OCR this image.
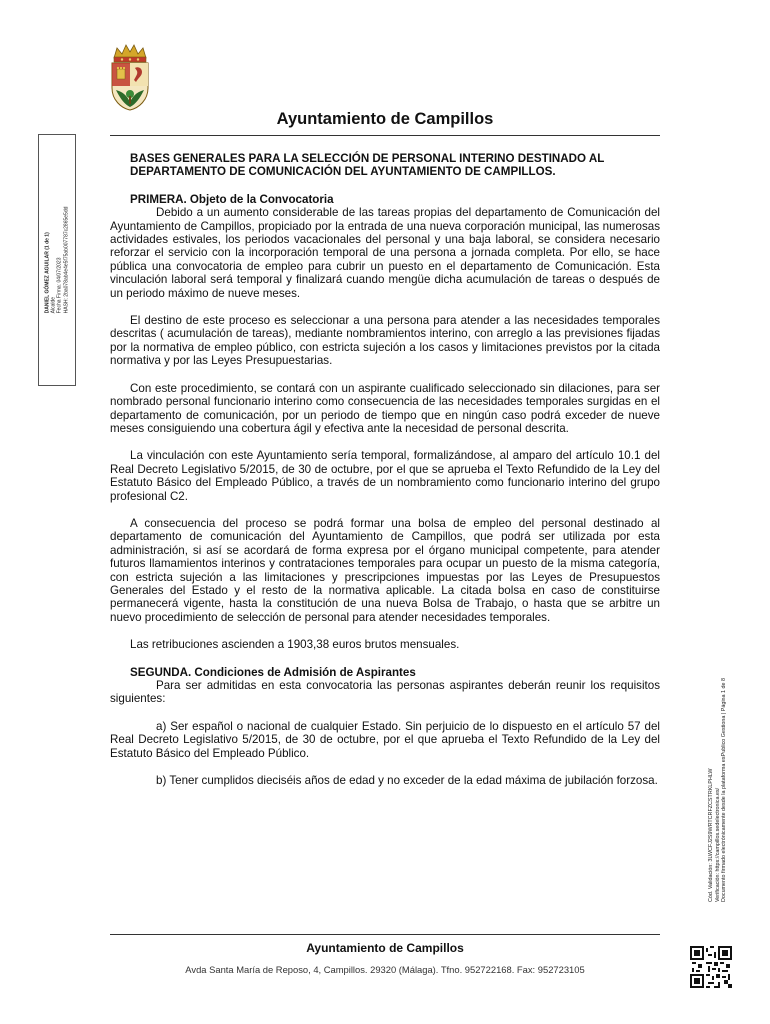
Ayuntamiento de Campillos
DANIEL GÓMEZ AGUILAR (1 de 1) Alcalde Fecha Firma: 04/07/2023 HASH: 2ba078ab4e4e5f75ab007787c2865e5dd
Cód. Validación: 3LWCFJ2S9WRTCRFZCSTRKLPHLW Verificación: https://campillos.sedelectronica.es/ Documento firmado electrónicamente desde la plataforma esPublico Gestiona | Página 1 de 8

BASES GENERALES PARA LA SELECCIÓN DE PERSONAL INTERINO DESTINADO AL DEPARTAMENTO DE COMUNICACIÓN DEL AYUNTAMIENTO DE CAMPILLOS.

PRIMERA. Objeto de la Convocatoria

Debido a un aumento considerable de las tareas propias del departamento de Comunicación del Ayuntamiento de Campillos, propiciado por la entrada de una nueva corporación municipal, las numerosas actividades estivales, los periodos vacacionales del personal y una baja laboral, se considera necesario reforzar el servicio con la incorporación temporal de una persona a jornada completa. Por ello, se hace pública una convocatoria de empleo para cubrir un puesto en el departamento de Comunicación. Esta vinculación laboral será temporal y finalizará cuando mengüe dicha acumulación de tareas o después de un periodo máximo de nueve meses.

El destino de este proceso es seleccionar a una persona para atender a las necesidades temporales descritas ( acumulación de tareas), mediante nombramientos interino, con arreglo a las previsiones fijadas por la normativa de empleo público, con estricta sujeción a los casos y limitaciones previstos por la citada normativa y por las Leyes Presupuestarias.

Con este procedimiento, se contará con un aspirante cualificado seleccionado sin dilaciones, para ser nombrado personal funcionario interino como consecuencia de las necesidades temporales surgidas en el departamento de comunicación, por un periodo de tiempo que en ningún caso podrá exceder de nueve meses consiguiendo una cobertura ágil y efectiva ante la necesidad de personal descrita.

La vinculación con este Ayuntamiento sería temporal, formalizándose, al amparo del artículo 10.1 del Real Decreto Legislativo 5/2015, de 30 de octubre, por el que se aprueba el Texto Refundido de la Ley del Estatuto Básico del Empleado Público, a través de un nombramiento como funcionario interino del grupo profesional C2.

A consecuencia del proceso se podrá formar una bolsa de empleo del personal destinado al departamento de comunicación del Ayuntamiento de Campillos, que podrá ser utilizada por esta administración, si así se acordará de forma expresa por el órgano municipal competente, para atender futuros llamamientos interinos y contrataciones temporales para ocupar un puesto de la misma categoría, con estricta sujeción a las limitaciones y prescripciones impuestas por las Leyes de Presupuestos Generales del Estado y el resto de la normativa aplicable. La citada bolsa en caso de constituirse permanecerá vigente, hasta la constitución de una nueva Bolsa de Trabajo, o hasta que se arbitre un nuevo procedimiento de selección de personal para atender necesidades temporales.

Las retribuciones ascienden a 1903,38 euros brutos mensuales.

SEGUNDA. Condiciones de Admisión de Aspirantes

Para ser admitidas en esta convocatoria las personas aspirantes deberán reunir los requisitos siguientes:

a) Ser español o nacional de cualquier Estado. Sin perjuicio de lo dispuesto en el artículo 57 del Real Decreto Legislativo 5/2015, de 30 de octubre, por el que aprueba el Texto Refundido de la Ley del Estatuto Básico del Empleado Público.

b) Tener cumplidos dieciséis años de edad y no exceder de la edad máxima de jubilación forzosa.

Ayuntamiento de Campillos
Avda Santa María de Reposo, 4, Campillos. 29320 (Málaga). Tfno. 952722168. Fax: 952723105
